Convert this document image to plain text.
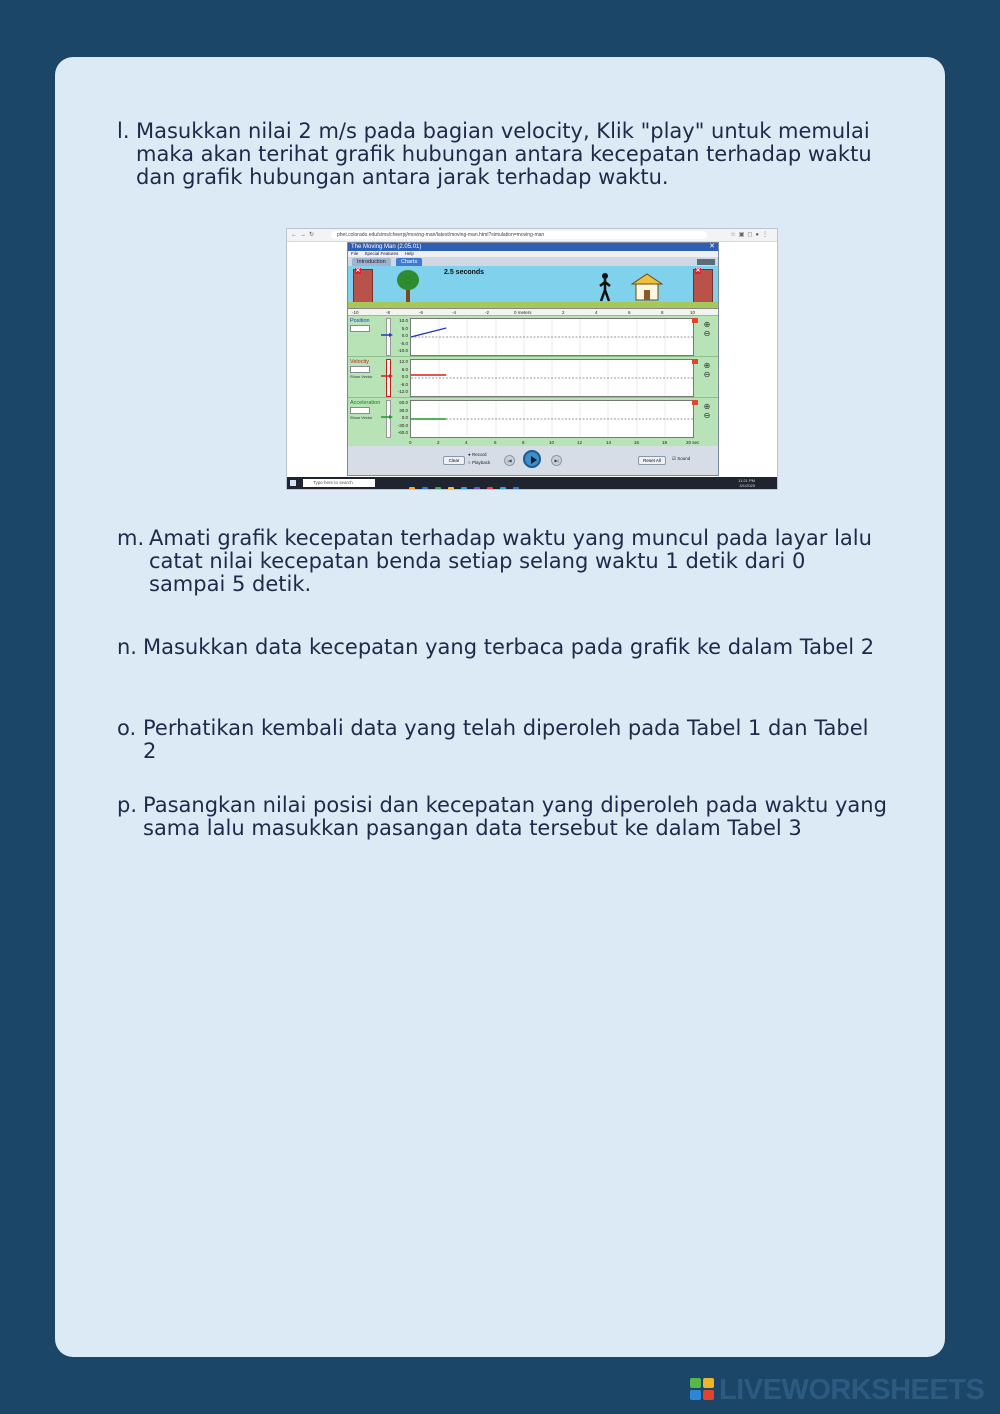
l. Masukkan nilai 2 m/s pada bagian velocity, Klik "play" untuk memulai maka akan terihat grafik hubungan antara kecepatan terhadap waktu dan grafik hubungan antara jarak terhadap waktu.
←→↻	phet.colorado.edu/sims/cheerpj/moving-man/latest/moving-man.html?simulation=moving-man	☆▣◻●⋮
The Moving Man (2.05.01)	✕
File Special Features Help
Introduction	Charts
✕	2.5 seconds	✕
-10	-8	-6	-4	-2	0 meters	2	4	6	8	10
Position	10.0
5.0
0.0
-5.0
-10.0
⊕
⊖
Velocity
Show Vector
12.0
6.0
0.0
-6.0
-12.0
⊕
⊖
Acceleration
Show Vector
60.0
30.0
0.0
-30.0
-60.0
⊕
⊖
0	2	4	6	8	10	12	14	16	18	20 sec
Clear
● Record
○ Playback	|◀	▶|	Reset All	☑ Sound
Type here to search	11:21 PM
3/1/2025
m. Amati grafik kecepatan terhadap waktu yang muncul pada layar lalu catat nilai kecepatan benda setiap selang waktu 1 detik dari 0 sampai 5 detik.
n. Masukkan data kecepatan yang terbaca pada grafik ke dalam Tabel 2
o. Perhatikan kembali data yang telah diperoleh pada Tabel 1 dan Tabel 2
p. Pasangkan nilai posisi dan kecepatan yang diperoleh pada waktu yang sama lalu masukkan pasangan data tersebut ke dalam Tabel 3
LIVEWORKSHEETS
